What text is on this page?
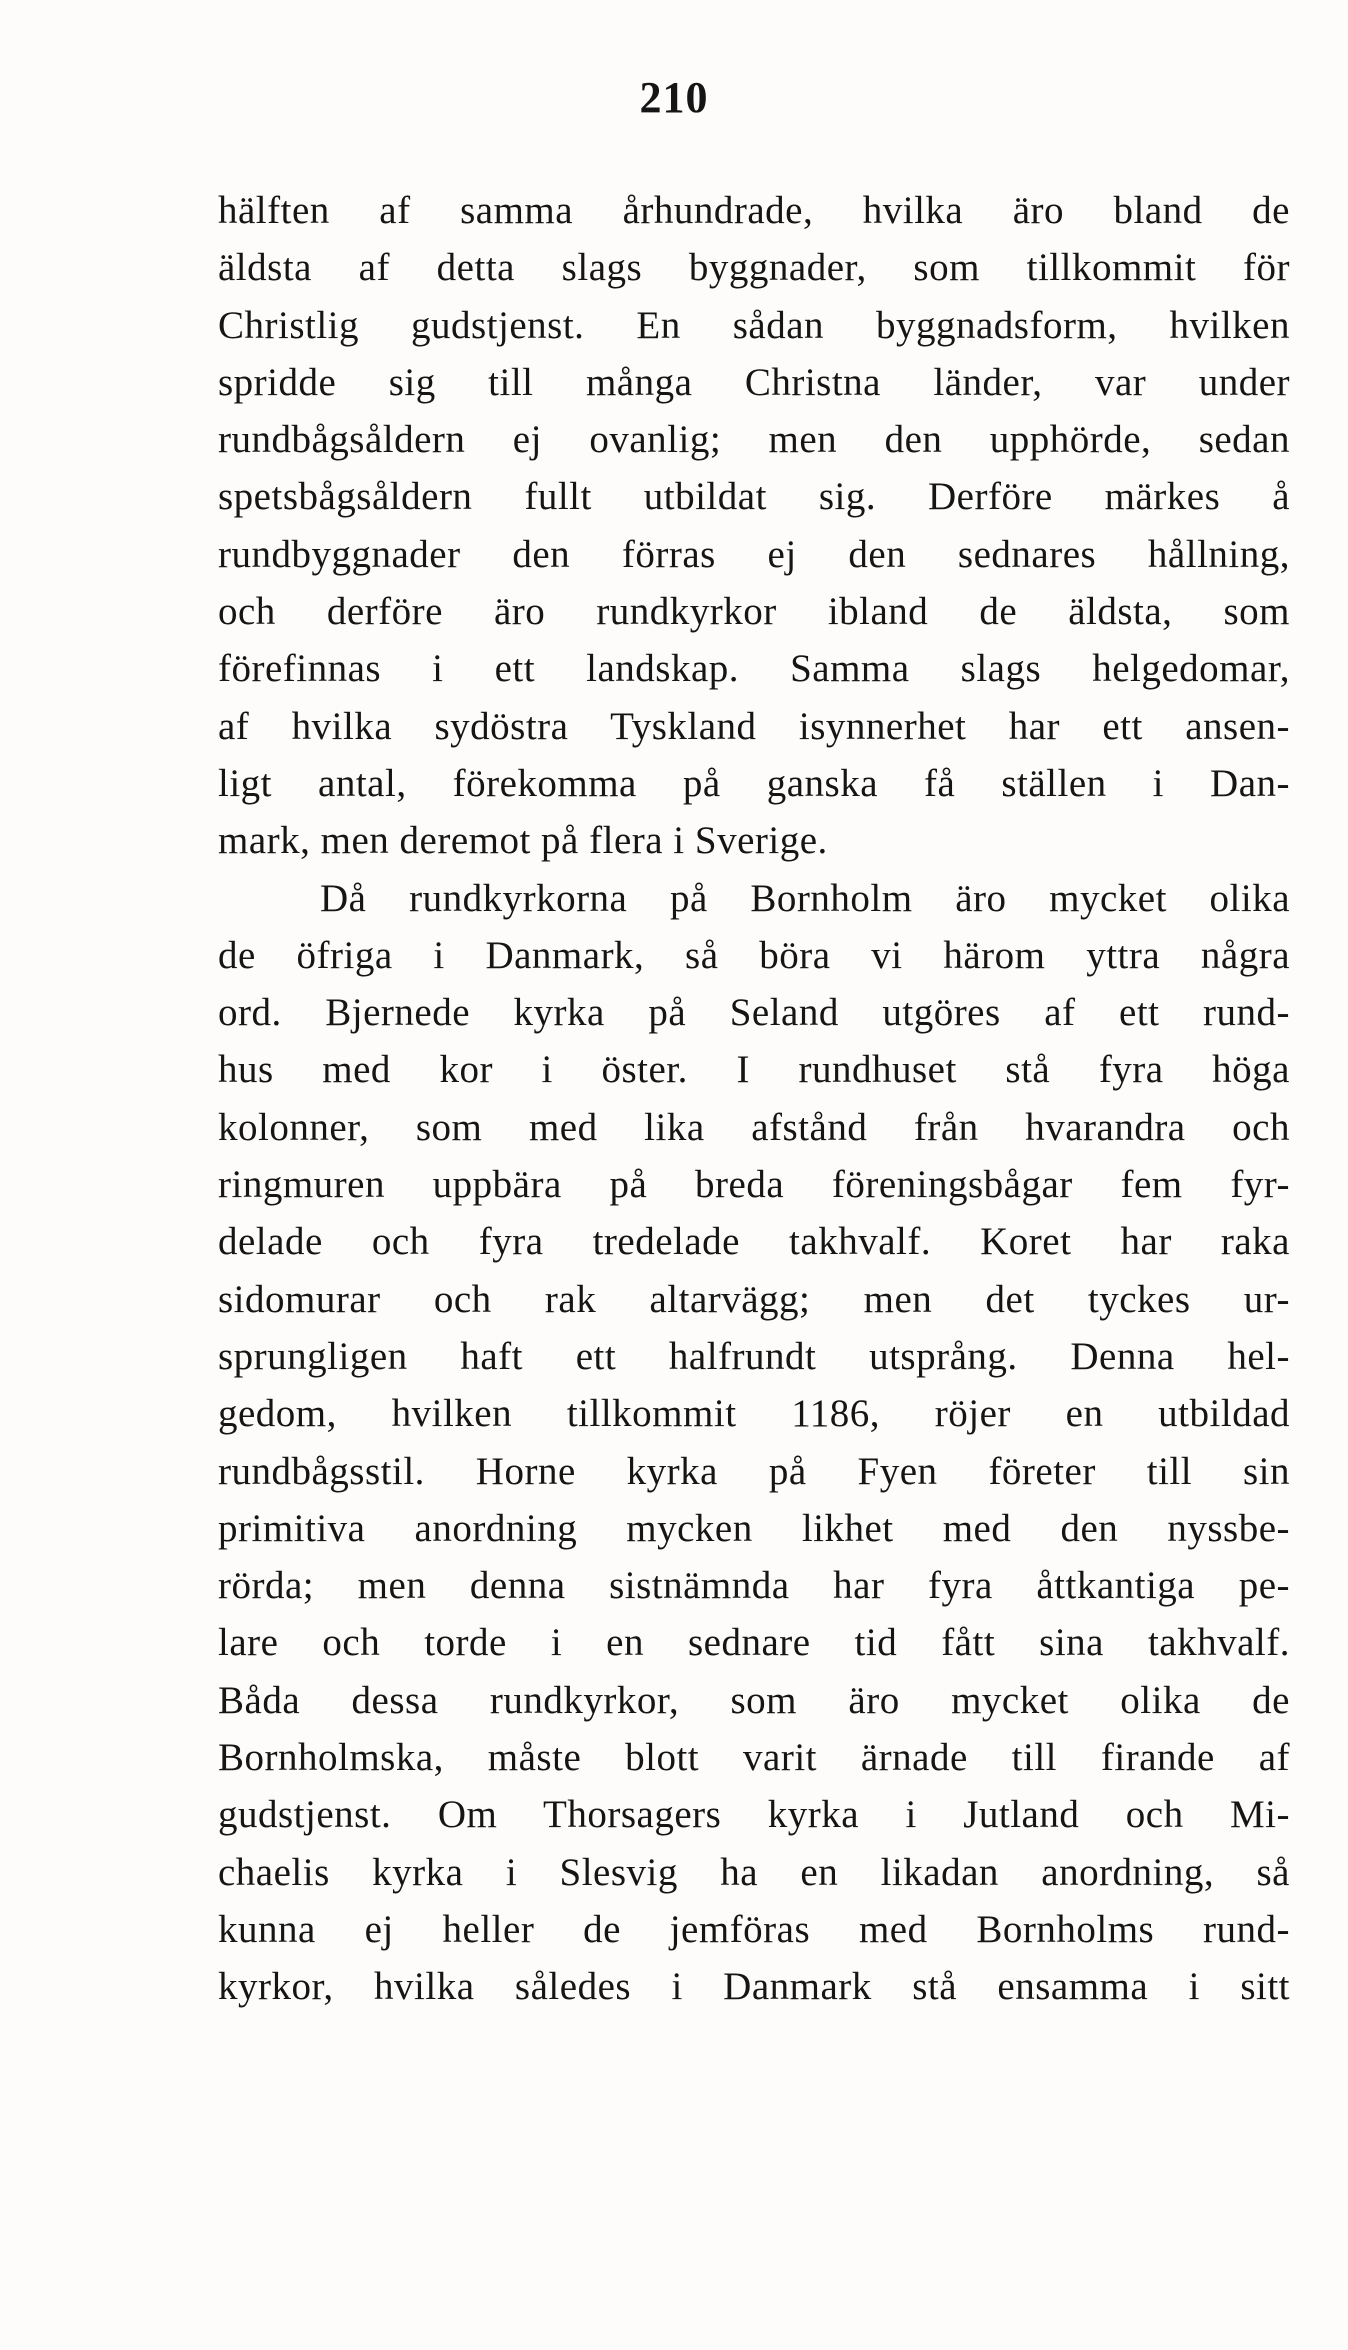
210
hälften af samma århundrade, hvilka äro bland de
äldsta af detta slags byggnader, som tillkommit för
Christlig gudstjenst. En sådan byggnadsform, hvilken
spridde sig till många Christna länder, var under
rundbågsåldern ej ovanlig; men den upphörde, sedan
spetsbågsåldern fullt utbildat sig. Derföre märkes å
rundbyggnader den förras ej den sednares hållning,
och derföre äro rundkyrkor ibland de äldsta, som
förefinnas i ett landskap. Samma slags helgedomar,
af hvilka sydöstra Tyskland isynnerhet har ett ansen-
ligt antal, förekomma på ganska få ställen i Dan-
mark, men deremot på flera i Sverige.
Då rundkyrkorna på Bornholm äro mycket olika
de öfriga i Danmark, så böra vi härom yttra några
ord. Bjernede kyrka på Seland utgöres af ett rund-
hus med kor i öster. I rundhuset stå fyra höga
kolonner, som med lika afstånd från hvarandra och
ringmuren uppbära på breda föreningsbågar fem fyr-
delade och fyra tredelade takhvalf. Koret har raka
sidomurar och rak altarvägg; men det tyckes ur-
sprungligen haft ett halfrundt utsprång. Denna hel-
gedom, hvilken tillkommit 1186, röjer en utbildad
rundbågsstil. Horne kyrka på Fyen företer till sin
primitiva anordning mycken likhet med den nyssbe-
rörda; men denna sistnämnda har fyra åttkantiga pe-
lare och torde i en sednare tid fått sina takhvalf.
Båda dessa rundkyrkor, som äro mycket olika de
Bornholmska, måste blott varit ärnade till firande af
gudstjenst. Om Thorsagers kyrka i Jutland och Mi-
chaelis kyrka i Slesvig ha en likadan anordning, så
kunna ej heller de jemföras med Bornholms rund-
kyrkor, hvilka således i Danmark stå ensamma i sitt
